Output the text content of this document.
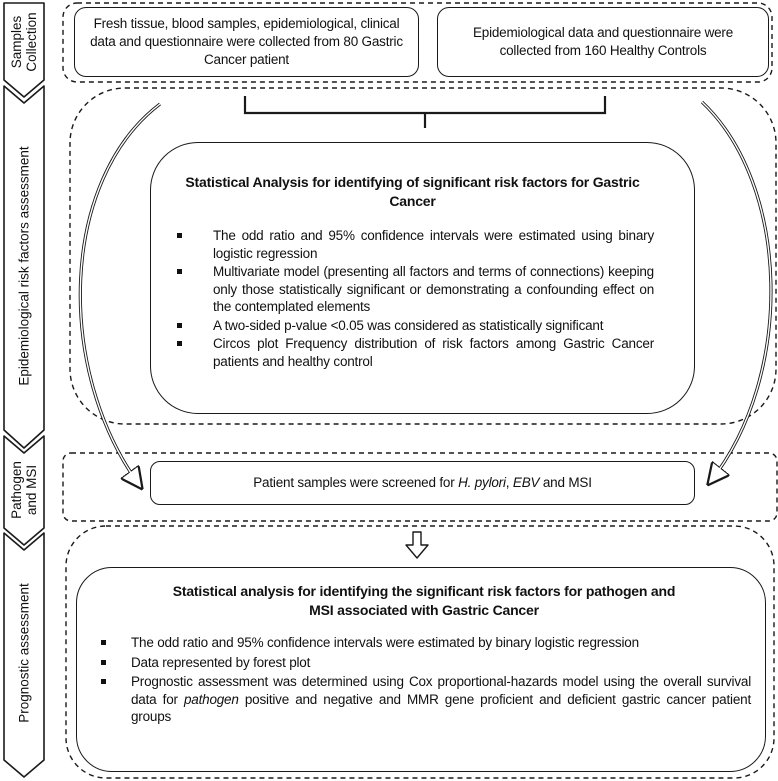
Samples
Collection
Epidemiological risk factors assessment
Pathogen
and MSI
Prognostic assessment
Fresh tissue, blood samples, epidemiological, clinical data and questionnaire were collected from 80 Gastric Cancer patient
Epidemiological data and questionnaire were collected from 160 Healthy Controls
Statistical Analysis for identifying of significant risk factors for Gastric Cancer
The odd ratio and 95% confidence intervals were estimated using binary logistic regression
Multivariate model (presenting all factors and terms of connections) keeping only those statistically significant or demonstrating a confounding effect on the contemplated elements
A two-sided p-value <0.05 was considered as statistically significant
Circos plot Frequency distribution of risk factors among Gastric Cancer patients and healthy control
Patient samples were screened for H. pylori, EBV and MSI
Statistical analysis for identifying the significant risk factors for pathogen and MSI associated with Gastric Cancer
The odd ratio and 95% confidence intervals were estimated by binary logistic regression
Data represented by forest plot
Prognostic assessment was determined using Cox proportional-hazards model using the overall survival data for pathogen positive and negative and MMR gene proficient and deficient gastric cancer patient groups
